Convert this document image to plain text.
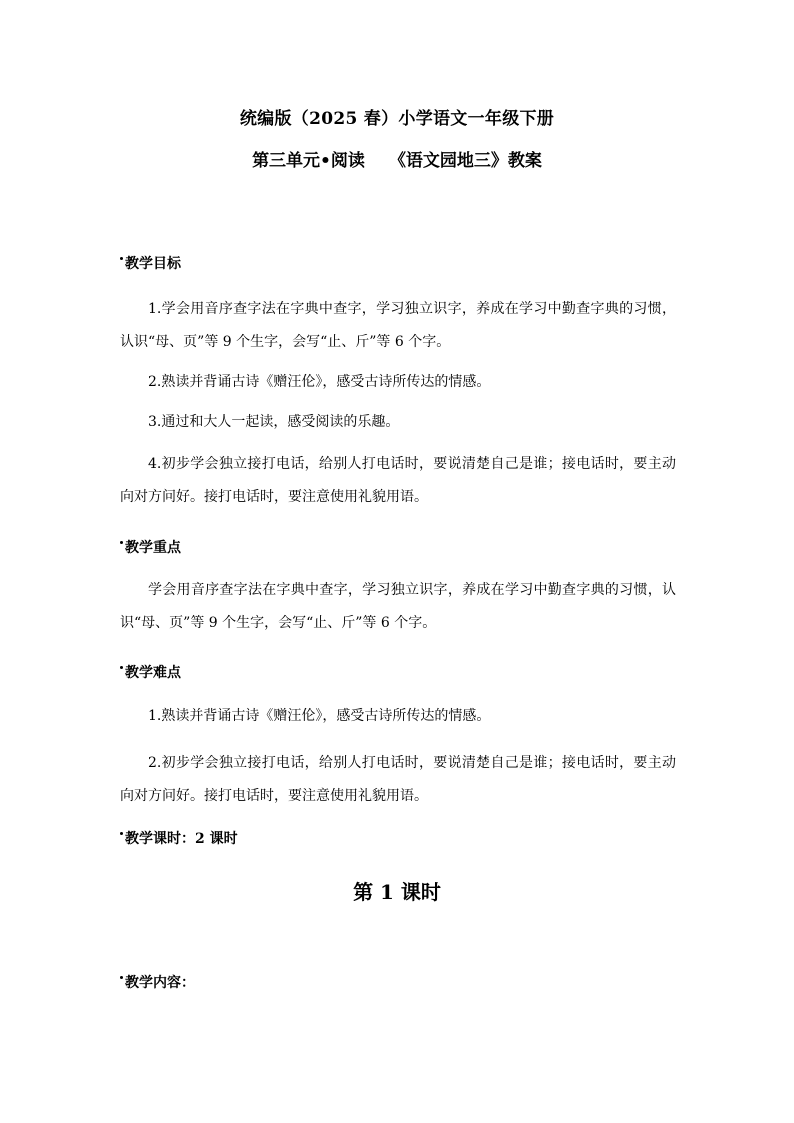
统编版（2025 春）小学语文一年级下册
第三单元•阅读 《语文园地三》教案
教学目标
1.学会用音序查字法在字典中查字，学习独立识字，养成在学习中勤查字典的习惯，认识“母、页”等 9 个生字，会写“止、斤”等 6 个字。
2.熟读并背诵古诗《赠汪伦》，感受古诗所传达的情感。
3.通过和大人一起读，感受阅读的乐趣。
4.初步学会独立接打电话，给别人打电话时，要说清楚自己是谁；接电话时，要主动向对方问好。接打电话时，要注意使用礼貌用语。
教学重点
学会用音序查字法在字典中查字，学习独立识字，养成在学习中勤查字典的习惯，认识“母、页”等 9 个生字，会写“止、斤”等 6 个字。
教学难点
1.熟读并背诵古诗《赠汪伦》，感受古诗所传达的情感。
2.初步学会独立接打电话，给别人打电话时，要说清楚自己是谁；接电话时，要主动向对方问好。接打电话时，要注意使用礼貌用语。
教学课时：2 课时
第 1 课时
教学内容：
